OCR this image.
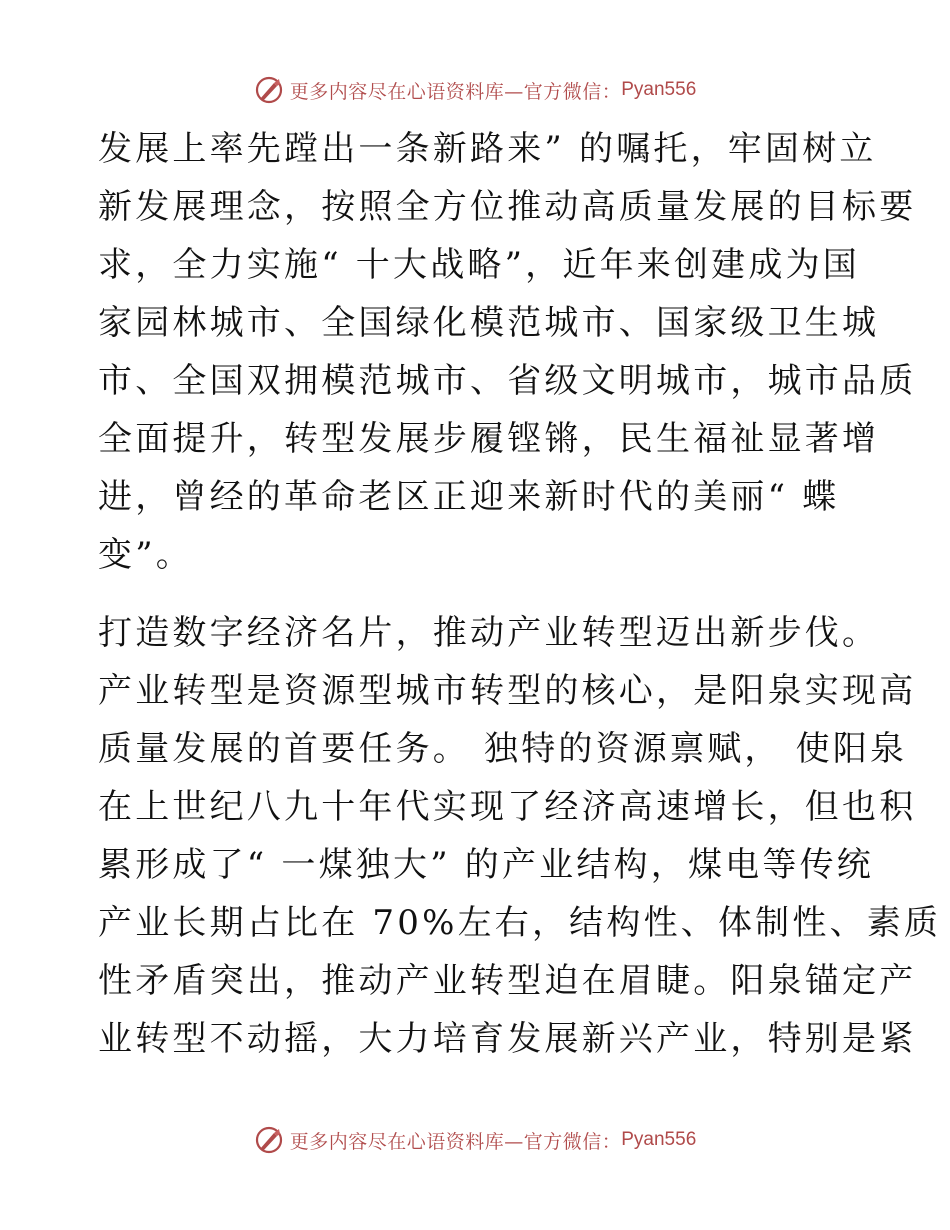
更多内容尽在心语资料库—官方微信： Pyan556
发展上率先蹚出一条新路来” 的嘱托，牢固树立
新发展理念，按照全方位推动高质量发展的目标要
求，全力实施“ 十大战略”，近年来创建成为国
家园林城市、全国绿化模范城市、国家级卫生城
市、全国双拥模范城市、省级文明城市，城市品质
全面提升，转型发展步履铿锵，民生福祉显著增
进，曾经的革命老区正迎来新时代的美丽“ 蝶
变”。
打造数字经济名片，推动产业转型迈出新步伐。
产业转型是资源型城市转型的核心，是阳泉实现高
质量发展的首要任务。 独特的资源禀赋， 使阳泉
在上世纪八九十年代实现了经济高速增长，但也积
累形成了“ 一煤独大” 的产业结构，煤电等传统
产业长期占比在 70%左右，结构性、体制性、素质
性矛盾突出，推动产业转型迫在眉睫。阳泉锚定产
业转型不动摇，大力培育发展新兴产业，特别是紧
更多内容尽在心语资料库—官方微信： Pyan556
